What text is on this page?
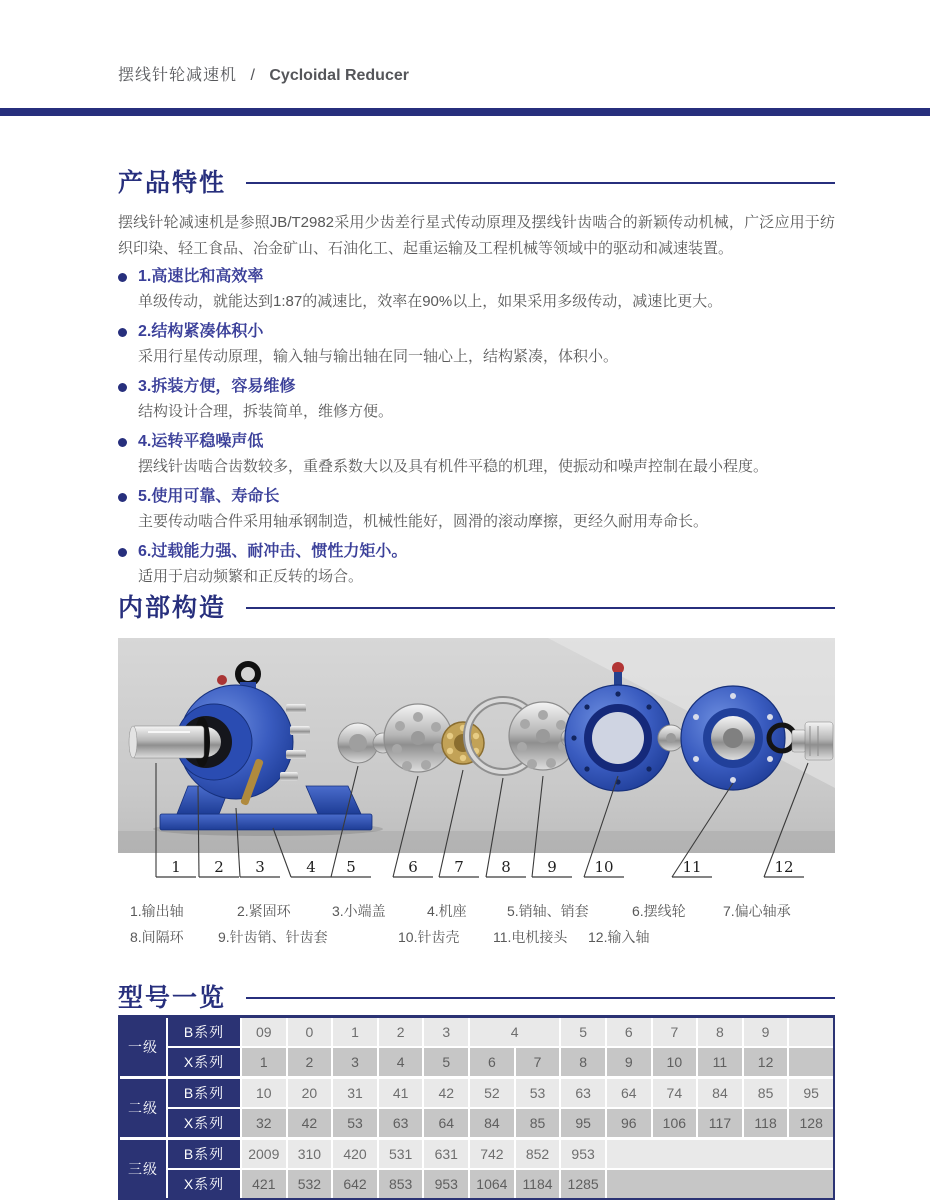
摆线针轮减速机 / Cycloidal Reducer
产品特性
摆线针轮减速机是参照JB/T2982采用少齿差行星式传动原理及摆线针齿啮合的新颖传动机械，广泛应用于纺织印染、轻工食品、冶金矿山、石油化工、起重运输及工程机械等领域中的驱动和减速装置。
1.高速比和高效率
单级传动，就能达到1:87的减速比，效率在90%以上，如果采用多级传动，减速比更大。
2.结构紧凑体积小
采用行星传动原理，输入轴与输出轴在同一轴心上，结构紧凑，体积小。
3.拆装方便，容易维修
结构设计合理，拆装简单，维修方便。
4.运转平稳噪声低
摆线针齿啮合齿数较多，重叠系数大以及具有机件平稳的机理，使振动和噪声控制在最小程度。
5.使用可靠、寿命长
主要传动啮合件采用轴承钢制造，机械性能好，圆滑的滚动摩擦，更经久耐用寿命长。
6.过载能力强、耐冲击、惯性力矩小。
适用于启动频繁和正反转的场合。
内部构造
1 2 3	4 5	6 7 8 9	10	11	12
1.输出轴	2.紧固环	3.小端盖	4.机座	5.销轴、销套	6.摆线轮	7.偏心轴承
8.间隔环 9.针齿销、针齿套	10.针齿壳 11.电机接头 12.输入轴
型号一览
一级
B系列	09	0	1	2	3	4	5	6	7	8	9
X系列	1	2	3	4	5	6	7	8	9	10	11	12
二级
B系列	10	20	31	41	42	52	53	63	64	74	84	85	95
X系列	32	42	53	63	64	84	85	95	96	106	117	118	128
三级
B系列	2009	310	420	531	631	742	852	953
X系列	421	532	642	853	953	1064	1184	1285
